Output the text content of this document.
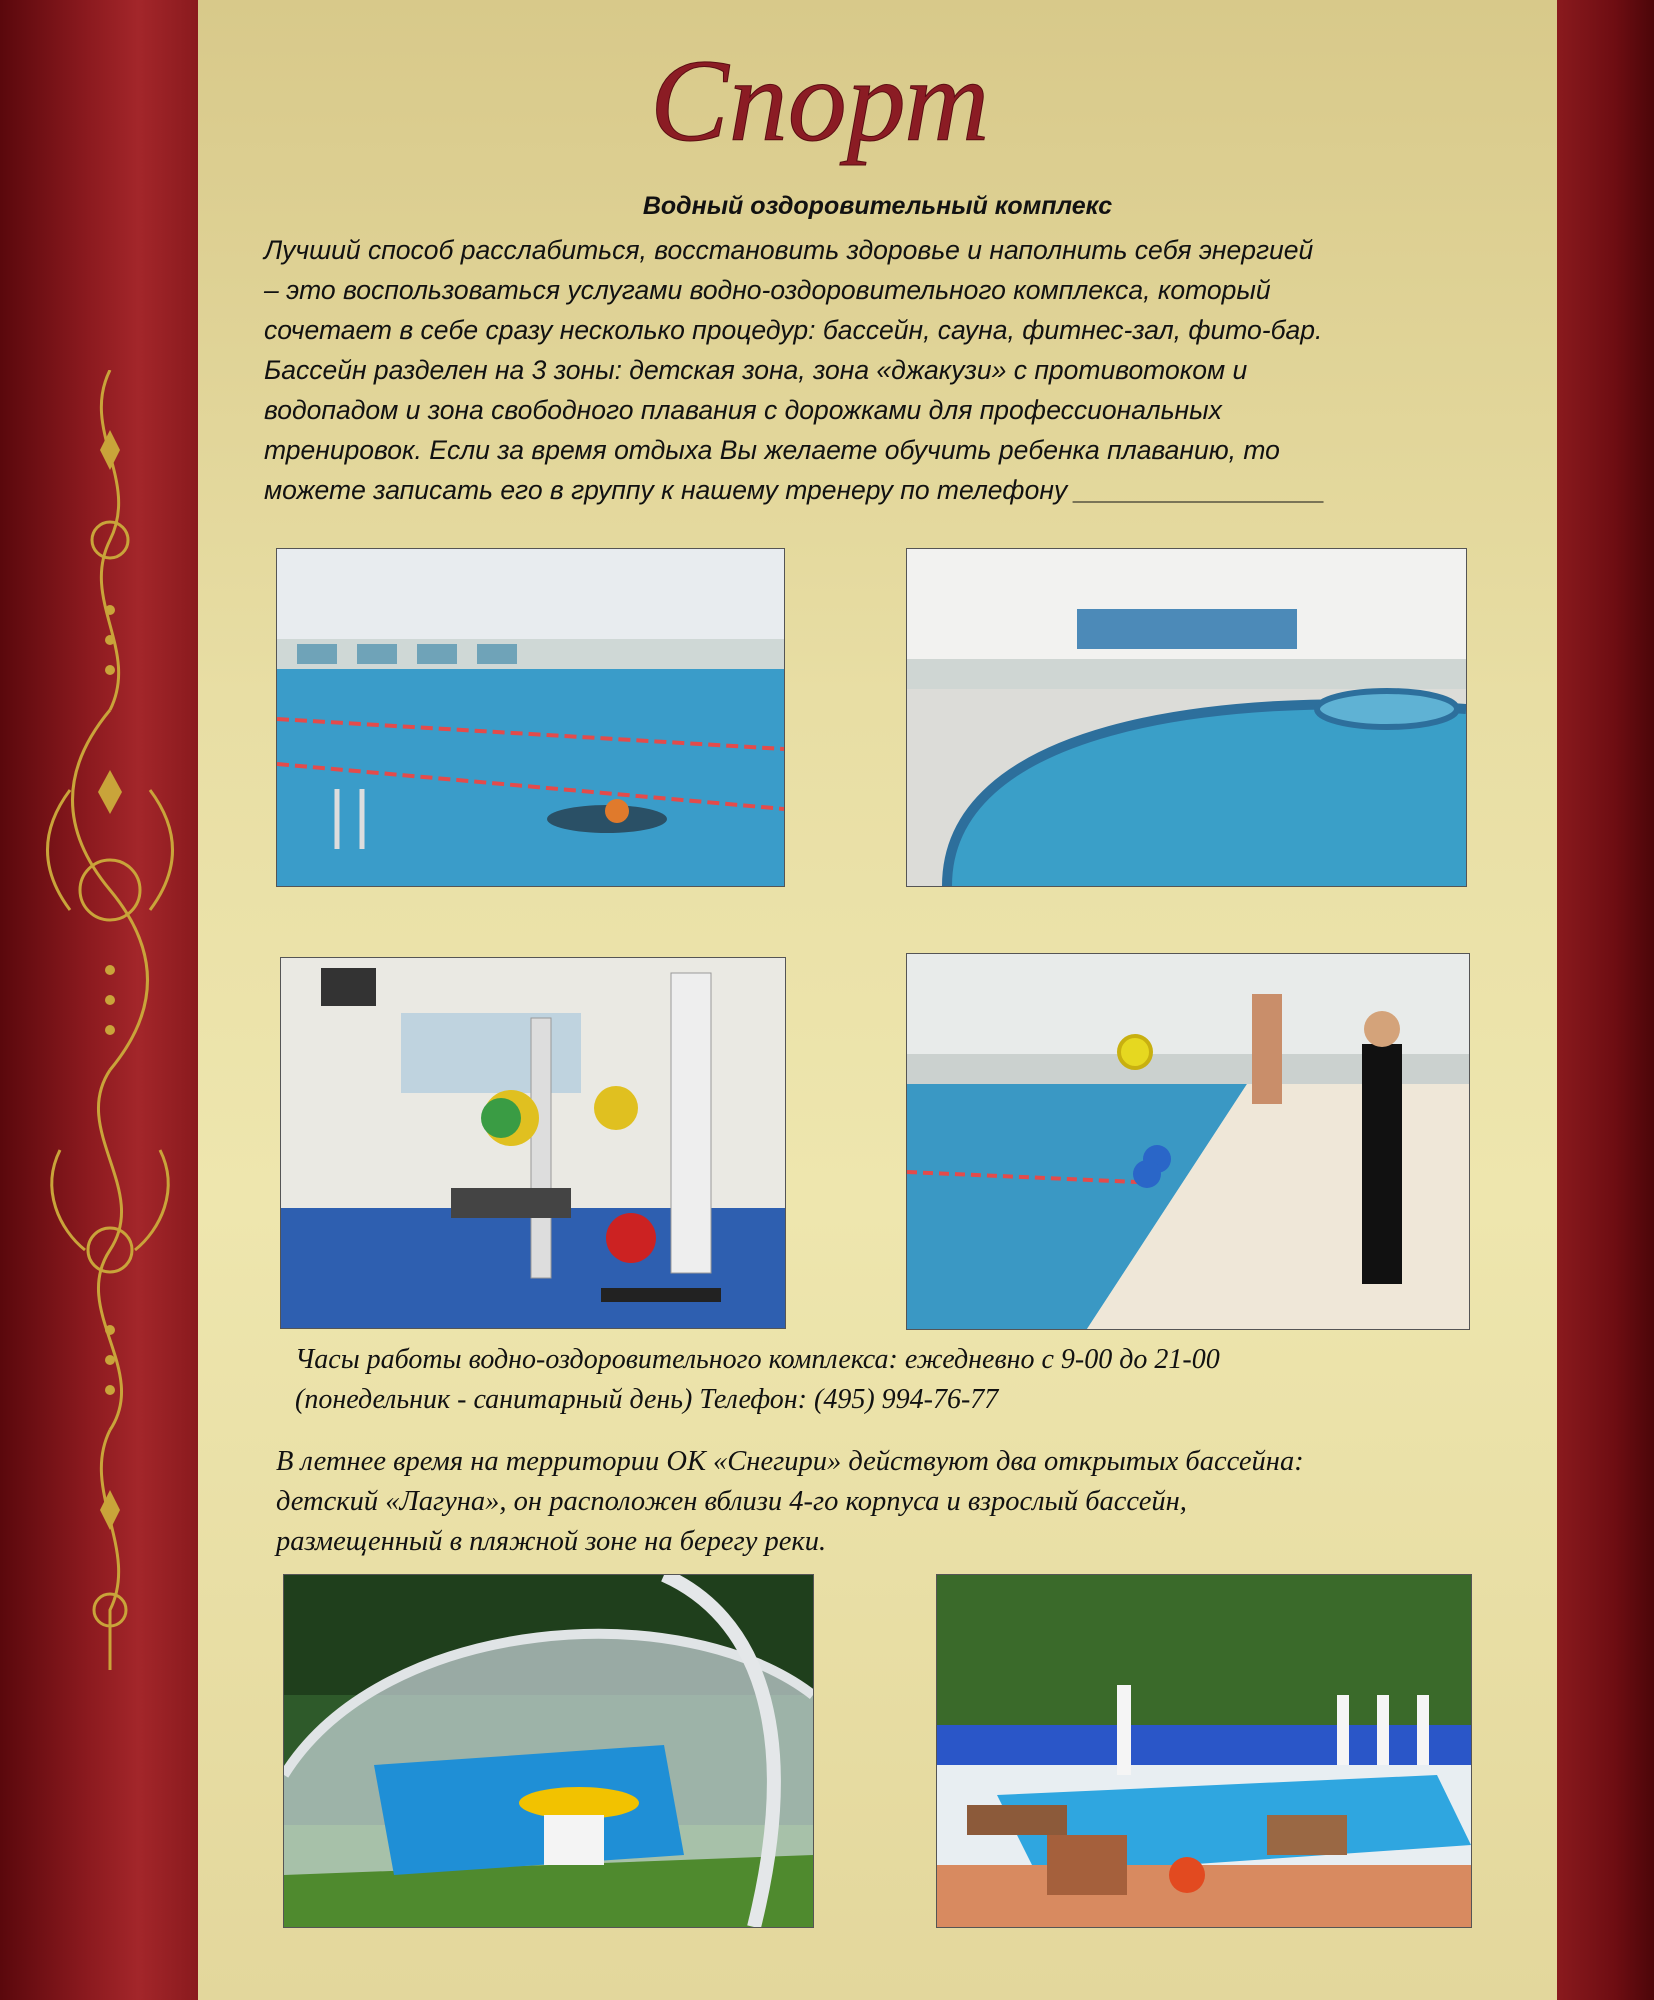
Спорт
Водный оздоровительный комплекс
Лучший способ расслабиться, восстановить здоровье и наполнить себя энергией
– это воспользоваться услугами водно-оздоровительного комплекса, который
сочетает в себе сразу несколько процедур: бассейн, сауна, фитнес-зал, фито-бар.
Бассейн разделен на 3 зоны: детская зона, зона «джакузи» с противотоком и
водопадом и зона свободного плавания с дорожками для профессиональных
тренировок. Если за время отдыха Вы желаете обучить ребенка плаванию, то
можете записать его в группу к нашему тренеру по телефону _________________
Часы работы водно-оздоровительного комплекса: ежедневно с 9-00 до 21-00
(понедельник - санитарный день) Телефон: (495) 994-76-77
В летнее время на территории ОК «Снегири» действуют два открытых бассейна:
детский «Лагуна», он расположен вблизи 4-го корпуса и взрослый бассейн,
размещенный в пляжной зоне на берегу реки.
